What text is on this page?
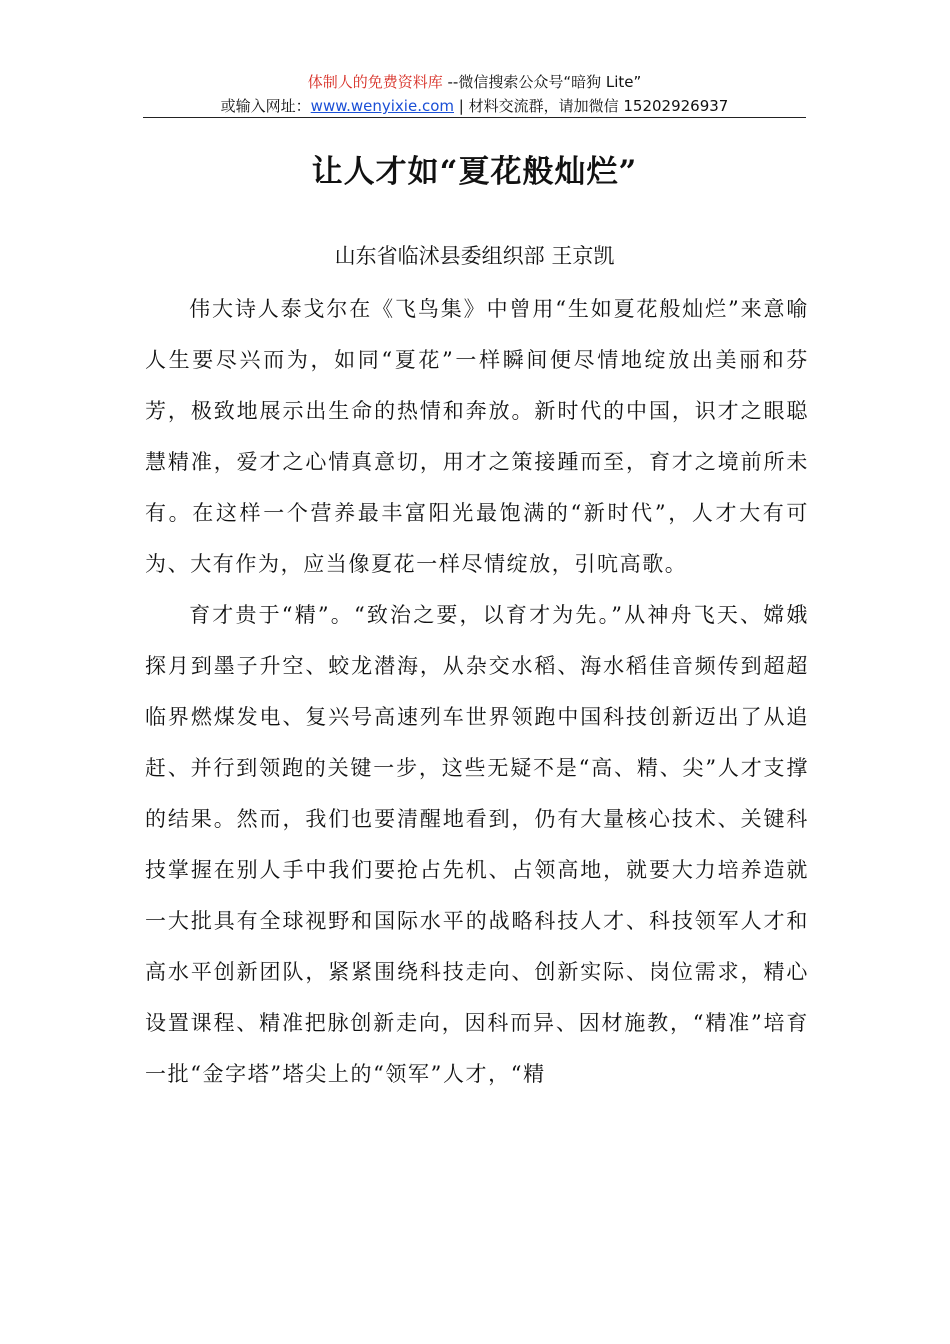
体制人的免费资料库 --微信搜索公众号“暗狗 Lite”
或输入网址：www.wenyixie.com | 材料交流群，请加微信 15202926937
让人才如“夏花般灿烂”
山东省临沭县委组织部 王京凯

伟大诗人泰戈尔在《飞鸟集》中曾用“生如夏花般灿烂”来意喻人生要尽兴而为，如同“夏花”一样瞬间便尽情地绽放出美丽和芬芳，极致地展示出生命的热情和奔放。新时代的中国，识才之眼聪慧精准，爱才之心情真意切，用才之策接踵而至，育才之境前所未有。在这样一个营养最丰富阳光最饱满的“新时代”，人才大有可为、大有作为，应当像夏花一样尽情绽放，引吭高歌。

育才贵于“精”。“致治之要，以育才为先。”从神舟飞天、嫦娥探月到墨子升空、蛟龙潜海，从杂交水稻、海水稻佳音频传到超超临界燃煤发电、复兴号高速列车世界领跑中国科技创新迈出了从追赶、并行到领跑的关键一步，这些无疑不是“高、精、尖”人才支撑的结果。然而，我们也要清醒地看到，仍有大量核心技术、关键科技掌握在别人手中我们要抢占先机、占领高地，就要大力培养造就一大批具有全球视野和国际水平的战略科技人才、科技领军人才和高水平创新团队，紧紧围绕科技走向、创新实际、岗位需求，精心设置课程、精准把脉创新走向，因科而异、因材施教，“精准”培育一批“金字塔”塔尖上的“领军”人才，“精
